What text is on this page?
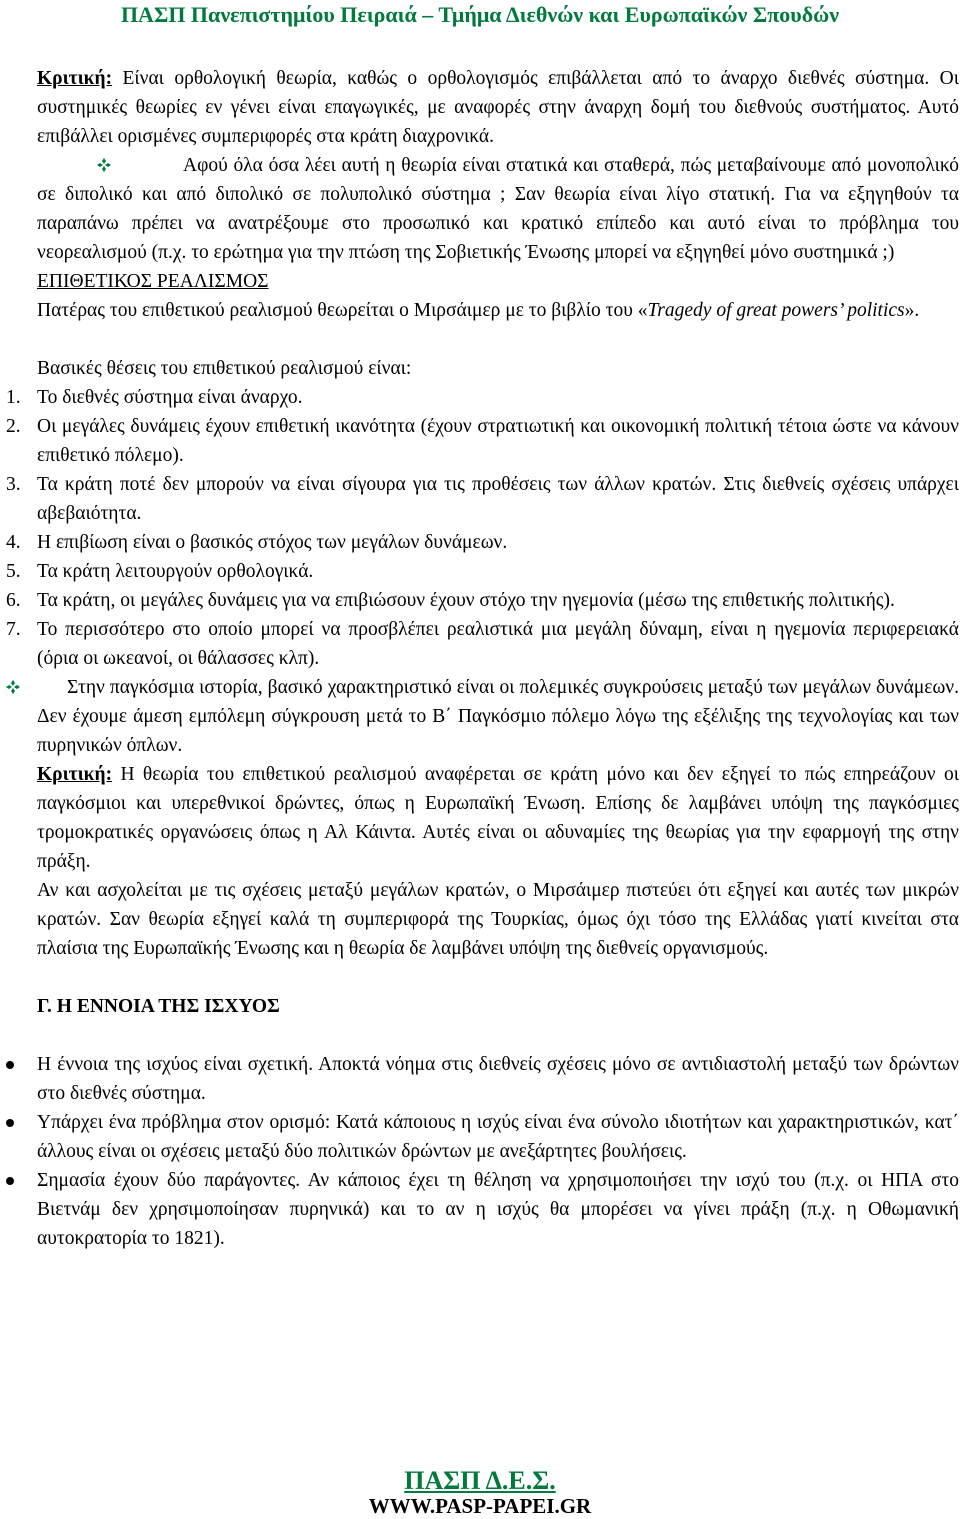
ΠΑΣΠ Πανεπιστημίου Πειραιά – Τμήμα Διεθνών και Ευρωπαϊκών Σπουδών

Κριτική: Είναι ορθολογική θεωρία, καθώς ο ορθολογισμός επιβάλλεται από το άναρχο διεθνές σύστημα. Οι συστημικές θεωρίες εν γένει είναι επαγωγικές, με αναφορές στην άναρχη δομή του διεθνούς συστήματος. Αυτό επιβάλλει ορισμένες συμπεριφορές στα κράτη διαχρονικά.

Αφού όλα όσα λέει αυτή η θεωρία είναι στατικά και σταθερά, πώς μεταβαίνουμε από μονοπολικό σε διπολικό και από διπολικό σε πολυπολικό σύστημα ; Σαν θεωρία είναι λίγο στατική. Για να εξηγηθούν τα παραπάνω πρέπει να ανατρέξουμε στο προσωπικό και κρατικό επίπεδο και αυτό είναι το πρόβλημα του νεορεαλισμού (π.χ. το ερώτημα για την πτώση της Σοβιετικής Ένωσης μπορεί να εξηγηθεί μόνο συστημικά ;)

ΕΠΙΘΕΤΙΚΟΣ ΡΕΑΛΙΣΜΟΣ

Πατέρας του επιθετικού ρεαλισμού θεωρείται ο Μιρσάιμερ με το βιβλίο του «Tragedy of great powers’ politics».

Βασικές θέσεις του επιθετικού ρεαλισμού είναι:

1. Το διεθνές σύστημα είναι άναρχο.

2. Οι μεγάλες δυνάμεις έχουν επιθετική ικανότητα (έχουν στρατιωτική και οικονομική πολιτική τέτοια ώστε να κάνουν επιθετικό πόλεμο).

3. Τα κράτη ποτέ δεν μπορούν να είναι σίγουρα για τις προθέσεις των άλλων κρατών. Στις διεθνείς σχέσεις υπάρχει αβεβαιότητα.

4. Η επιβίωση είναι ο βασικός στόχος των μεγάλων δυνάμεων.

5. Τα κράτη λειτουργούν ορθολογικά.

6. Τα κράτη, οι μεγάλες δυνάμεις για να επιβιώσουν έχουν στόχο την ηγεμονία (μέσω της επιθετικής πολιτικής).

7. Το περισσότερο στο οποίο μπορεί να προσβλέπει ρεαλιστικά μια μεγάλη δύναμη, είναι η ηγεμονία περιφερειακά (όρια οι ωκεανοί, οι θάλασσες κλπ).

Στην παγκόσμια ιστορία, βασικό χαρακτηριστικό είναι οι πολεμικές συγκρούσεις μεταξύ των μεγάλων δυνάμεων. Δεν έχουμε άμεση εμπόλεμη σύγκρουση μετά το Β΄ Παγκόσμιο πόλεμο λόγω της εξέλιξης της τεχνολογίας και των πυρηνικών όπλων.

Κριτική: Η θεωρία του επιθετικού ρεαλισμού αναφέρεται σε κράτη μόνο και δεν εξηγεί το πώς επηρεάζουν οι παγκόσμιοι και υπερεθνικοί δρώντες, όπως η Ευρωπαϊκή Ένωση. Επίσης δε λαμβάνει υπόψη της παγκόσμιες τρομοκρατικές οργανώσεις όπως η Αλ Κάιντα. Αυτές είναι οι αδυναμίες της θεωρίας για την εφαρμογή της στην πράξη.

Αν και ασχολείται με τις σχέσεις μεταξύ μεγάλων κρατών, ο Μιρσάιμερ πιστεύει ότι εξηγεί και αυτές των μικρών κρατών. Σαν θεωρία εξηγεί καλά τη συμπεριφορά της Τουρκίας, όμως όχι τόσο της Ελλάδας γιατί κινείται στα πλαίσια της Ευρωπαϊκής Ένωσης και η θεωρία δε λαμβάνει υπόψη της διεθνείς οργανισμούς.

Γ. Η ΕΝΝΟΙΑ ΤΗΣ ΙΣΧΥΟΣ

Η έννοια της ισχύος είναι σχετική. Αποκτά νόημα στις διεθνείς σχέσεις μόνο σε αντιδιαστολή μεταξύ των δρώντων στο διεθνές σύστημα.

Υπάρχει ένα πρόβλημα στον ορισμό: Κατά κάποιους η ισχύς είναι ένα σύνολο ιδιοτήτων και χαρακτηριστικών, κατ΄ άλλους είναι οι σχέσεις μεταξύ δύο πολιτικών δρώντων με ανεξάρτητες βουλήσεις.

Σημασία έχουν δύο παράγοντες. Αν κάποιος έχει τη θέληση να χρησιμοποιήσει την ισχύ του (π.χ. οι ΗΠΑ στο Βιετνάμ δεν χρησιμοποίησαν πυρηνικά) και το αν η ισχύς θα μπορέσει να γίνει πράξη (π.χ. η Οθωμανική αυτοκρατορία το 1821).

ΠΑΣΠ Δ.Ε.Σ.
WWW.PASP-PAPEI.GR
